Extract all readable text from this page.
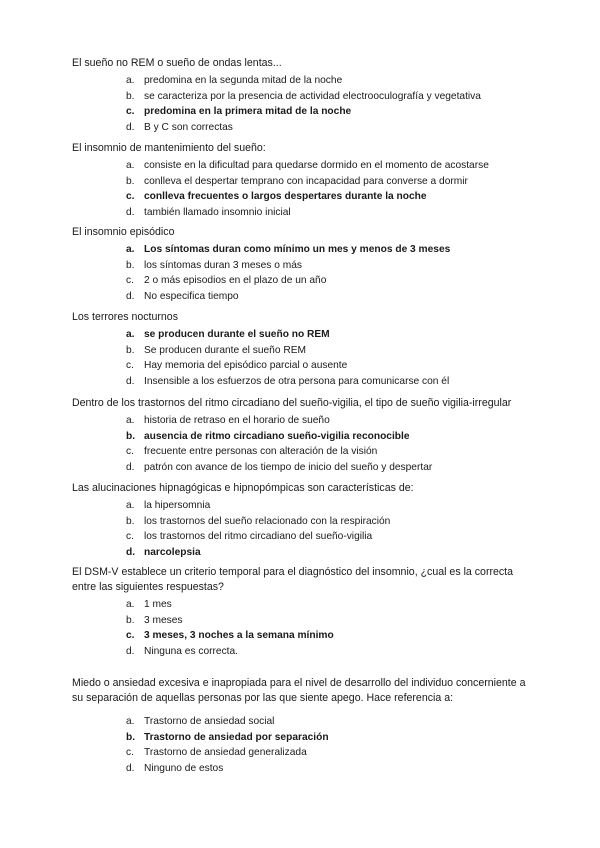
El sueño no REM o sueño de ondas lentas...

a. predomina en la segunda mitad de la noche
b. se caracteriza por la presencia de actividad electrooculografía y vegetativa
c. predomina en la primera mitad de la noche
d. B y C son correctas

El insomnio de mantenimiento del sueño:

a. consiste en la dificultad para quedarse dormido en el momento de acostarse
b. conlleva el despertar temprano con incapacidad para converse a dormir
c. conlleva frecuentes o largos despertares durante la noche
d. también llamado insomnio inicial

El insomnio episódico

a. Los síntomas duran como mínimo un mes y menos de 3 meses
b. los síntomas duran 3 meses o más
c. 2 o más episodios en el plazo de un año
d. No especifica tiempo

Los terrores nocturnos

a. se producen durante el sueño no REM
b. Se producen durante el sueño REM
c. Hay memoria del episódico parcial o ausente
d. Insensible a los esfuerzos de otra persona para comunicarse con él

Dentro de los trastornos del ritmo circadiano del sueño-vigilia, el tipo de sueño vigilia-irregular

a. historia de retraso en el horario de sueño
b. ausencia de ritmo circadiano sueño-vigilia reconocible
c. frecuente entre personas con alteración de la visión
d. patrón con avance de los tiempo de inicio del sueño y despertar

Las alucinaciones hipnagógicas e hipnopómpicas son características de:

a. la hipersomnia
b. los trastornos del sueño relacionado con la respiración
c. los trastornos del ritmo circadiano del sueño-vigilia
d. narcolepsia

El DSM-V establece un criterio temporal para el diagnóstico del insomnio, ¿cual es la correcta entre las siguientes respuestas?

a. 1 mes
b. 3 meses
c. 3 meses, 3 noches a la semana mínimo
d. Ninguna es correcta.

Miedo o ansiedad excesiva e inapropiada para el nivel de desarrollo del individuo concerniente a su separación de aquellas personas por las que siente apego. Hace referencia a:

a. Trastorno de ansiedad social
b. Trastorno de ansiedad por separación
c. Trastorno de ansiedad generalizada
d. Ninguno de estos
